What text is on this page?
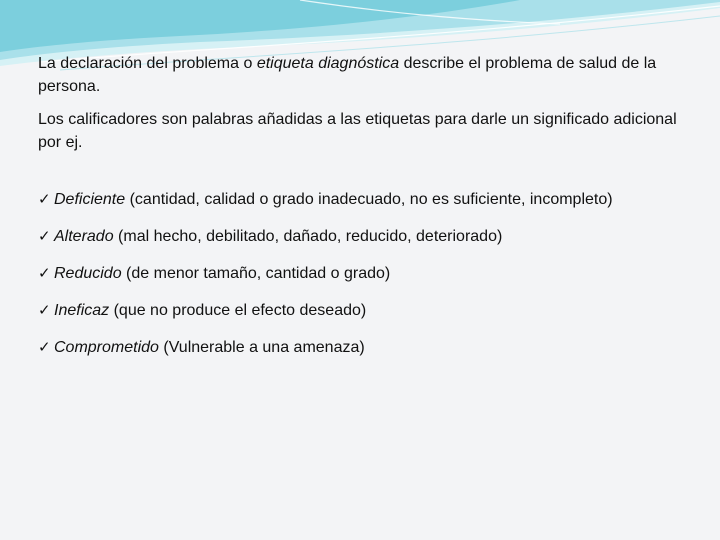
La declaración del problema o etiqueta diagnóstica describe el problema de salud de la persona.

Los calificadores son palabras añadidas a las etiquetas para darle un significado adicional por ej.

✓ Deficiente (cantidad, calidad o grado inadecuado, no es suficiente, incompleto)

✓ Alterado (mal hecho, debilitado, dañado, reducido, deteriorado)

✓ Reducido (de menor tamaño, cantidad o grado)

✓ Ineficaz (que no produce el efecto deseado)

✓ Comprometido (Vulnerable a una amenaza)
